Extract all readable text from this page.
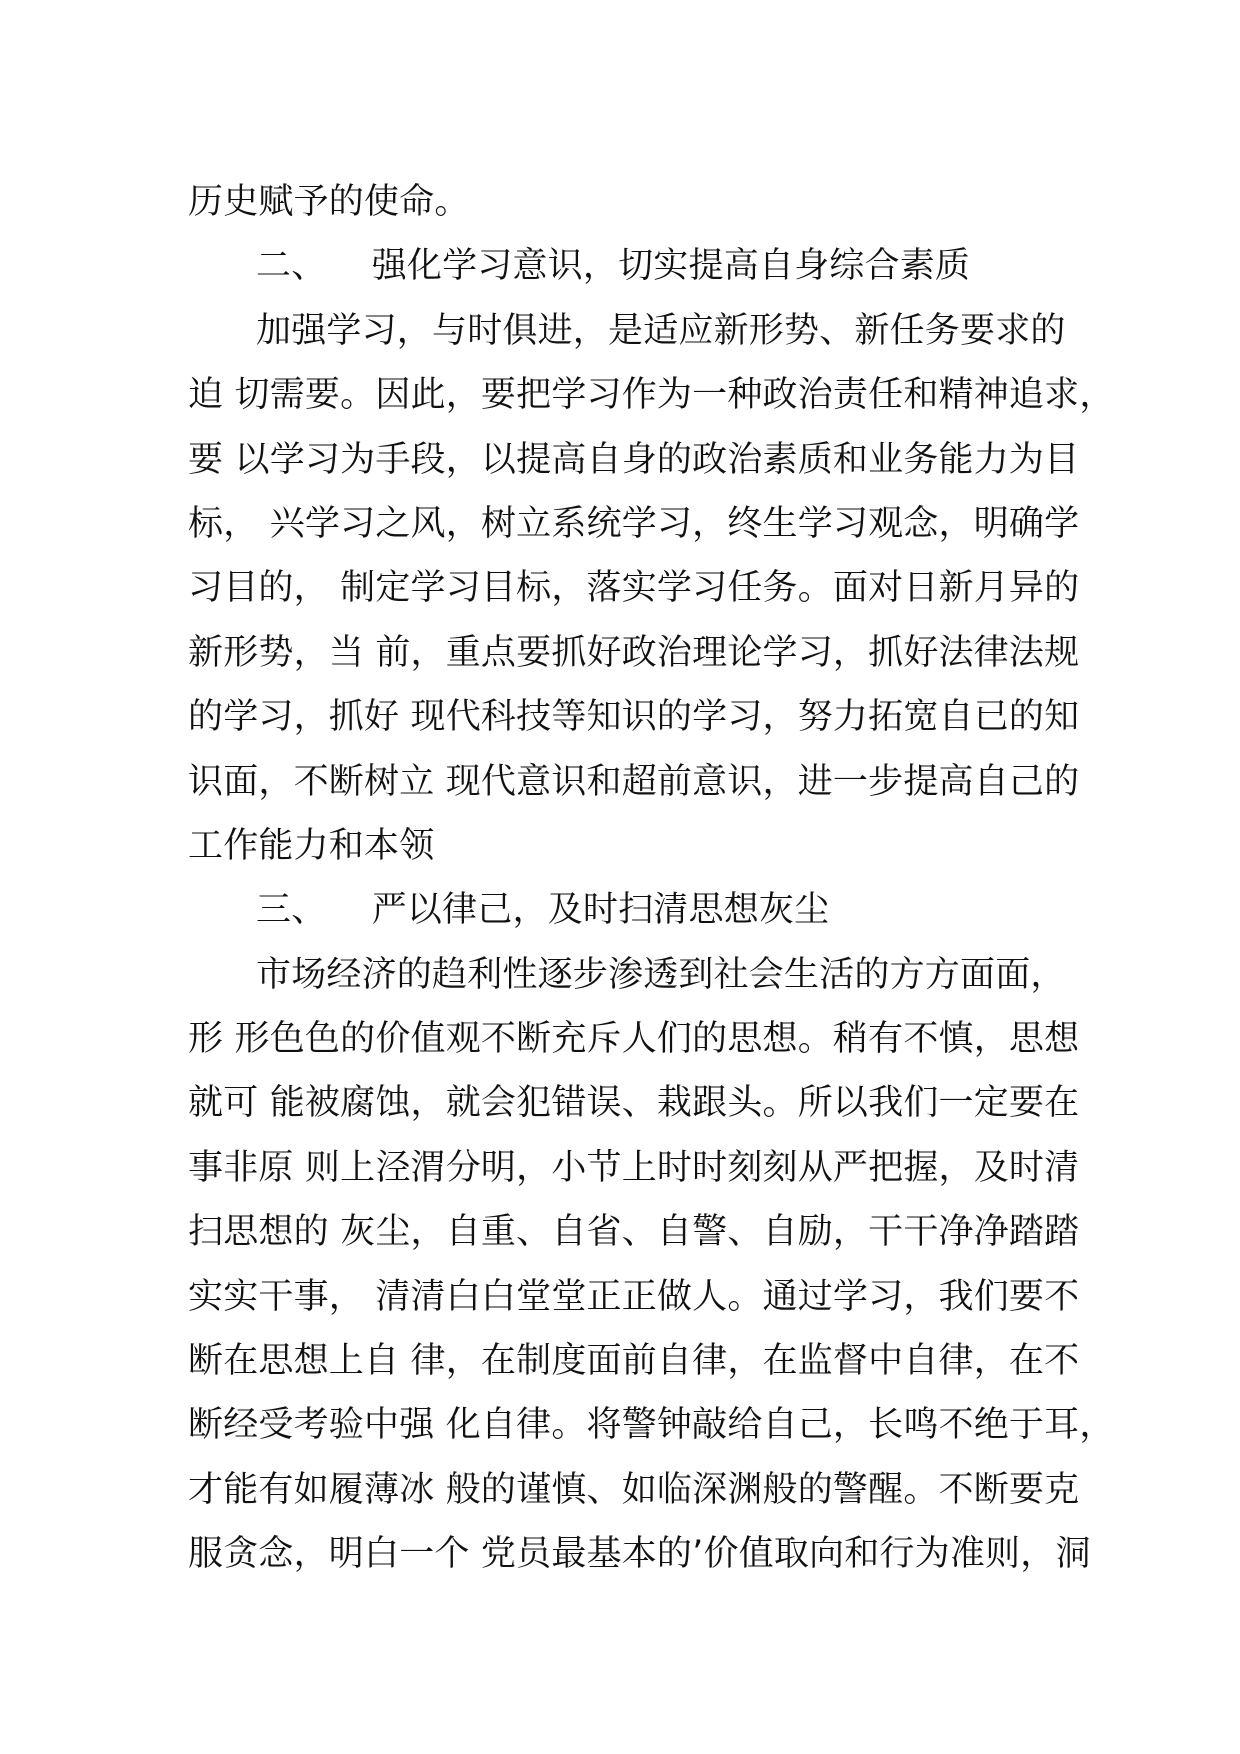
历史赋予的使命。
二、    强化学习意识，切实提高自身综合素质
加强学习，与时俱进，是适应新形势、新任务要求的
迫 切需要。因此，要把学习作为一种政治责任和精神追求，
要 以学习为手段，以提高自身的政治素质和业务能力为目
标， 兴学习之风，树立系统学习，终生学习观念，明确学
习目的， 制定学习目标，落实学习任务。面对日新月异的
新形势，当 前，重点要抓好政治理论学习，抓好法律法规
的学习，抓好 现代科技等知识的学习，努力拓宽自已的知
识面，不断树立 现代意识和超前意识，进一步提高自己的
工作能力和本领
三、    严以律己，及时扫清思想灰尘
市场经济的趋利性逐步渗透到社会生活的方方面面，
形 形色色的价值观不断充斥人们的思想。稍有不慎，思想
就可 能被腐蚀，就会犯错误、栽跟头。所以我们一定要在
事非原 则上泾渭分明，小节上时时刻刻从严把握，及时清
扫思想的 灰尘，自重、自省、自警、自励，干干净净踏踏
实实干事， 清清白白堂堂正正做人。通过学习，我们要不
断在思想上自 律，在制度面前自律，在监督中自律，在不
断经受考验中强 化自律。将警钟敲给自己，长鸣不绝于耳，
才能有如履薄冰 般的谨慎、如临深渊般的警醒。不断要克
服贪念，明白一个 党员最基本的’价值取向和行为准则，洞
